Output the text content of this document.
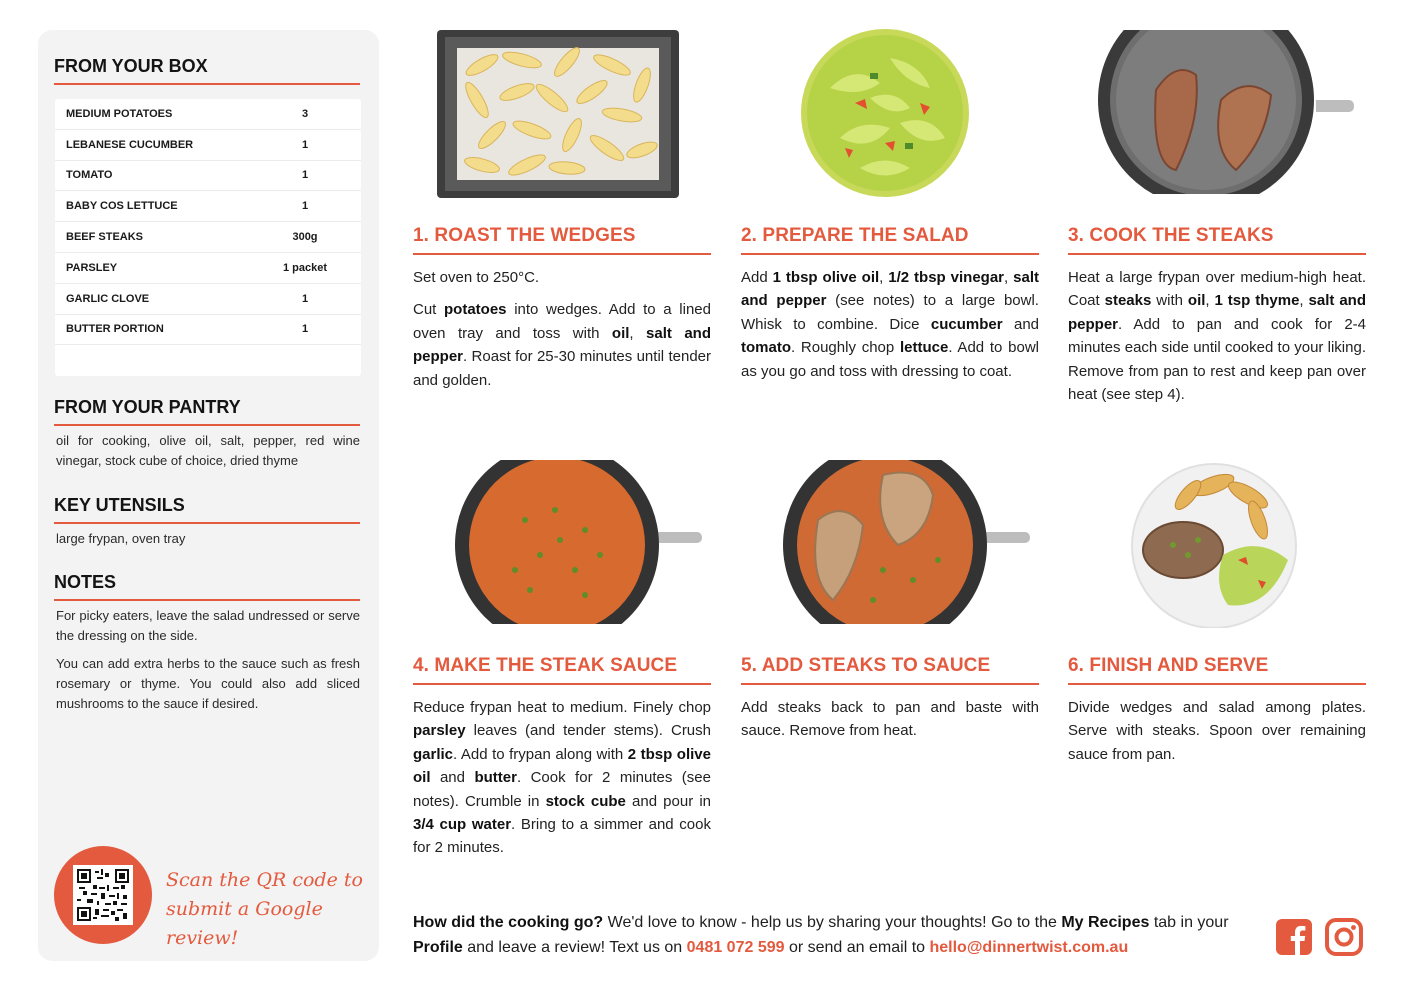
FROM YOUR BOX
MEDIUM POTATOES	3
LEBANESE CUCUMBER	1
TOMATO	1
BABY COS LETTUCE	1
BEEF STEAKS	300g
PARSLEY	1 packet
GARLIC CLOVE	1
BUTTER PORTION	1
FROM YOUR PANTRY
oil for cooking, olive oil, salt, pepper, red wine vinegar, stock cube of choice, dried thyme
KEY UTENSILS
large frypan, oven tray
NOTES
For picky eaters, leave the salad undressed or serve the dressing on the side.
You can add extra herbs to the sauce such as fresh rosemary or thyme. You could also add sliced mushrooms to the sauce if desired.
Scan the QR code to
submit a Google review!
1. ROAST THE WEDGES
Set oven to 250°C.
Cut potatoes into wedges. Add to a lined oven tray and toss with oil, salt and pepper. Roast for 25-30 minutes until tender and golden.
2. PREPARE THE SALAD
Add 1 tbsp olive oil, 1/2 tbsp vinegar, salt and pepper (see notes) to a large bowl. Whisk to combine. Dice cucumber and tomato. Roughly chop lettuce. Add to bowl as you go and toss with dressing to coat.
3. COOK THE STEAKS
Heat a large frypan over medium-high heat. Coat steaks with oil, 1 tsp thyme, salt and pepper. Add to pan and cook for 2-4 minutes each side until cooked to your liking. Remove from pan to rest and keep pan over heat (see step 4).
4. MAKE THE STEAK SAUCE
Reduce frypan heat to medium. Finely chop parsley leaves (and tender stems). Crush garlic. Add to frypan along with 2 tbsp olive oil and butter. Cook for 2 minutes (see notes). Crumble in stock cube and pour in 3/4 cup water. Bring to a simmer and cook for 2 minutes.
5. ADD STEAKS TO SAUCE
Add steaks back to pan and baste with sauce. Remove from heat.
6. FINISH AND SERVE
Divide wedges and salad among plates. Serve with steaks. Spoon over remaining sauce from pan.
How did the cooking go? We'd love to know - help us by sharing your thoughts! Go to the My Recipes tab in your Profile and leave a review! Text us on 0481 072 599 or send an email to hello@dinnertwist.com.au
